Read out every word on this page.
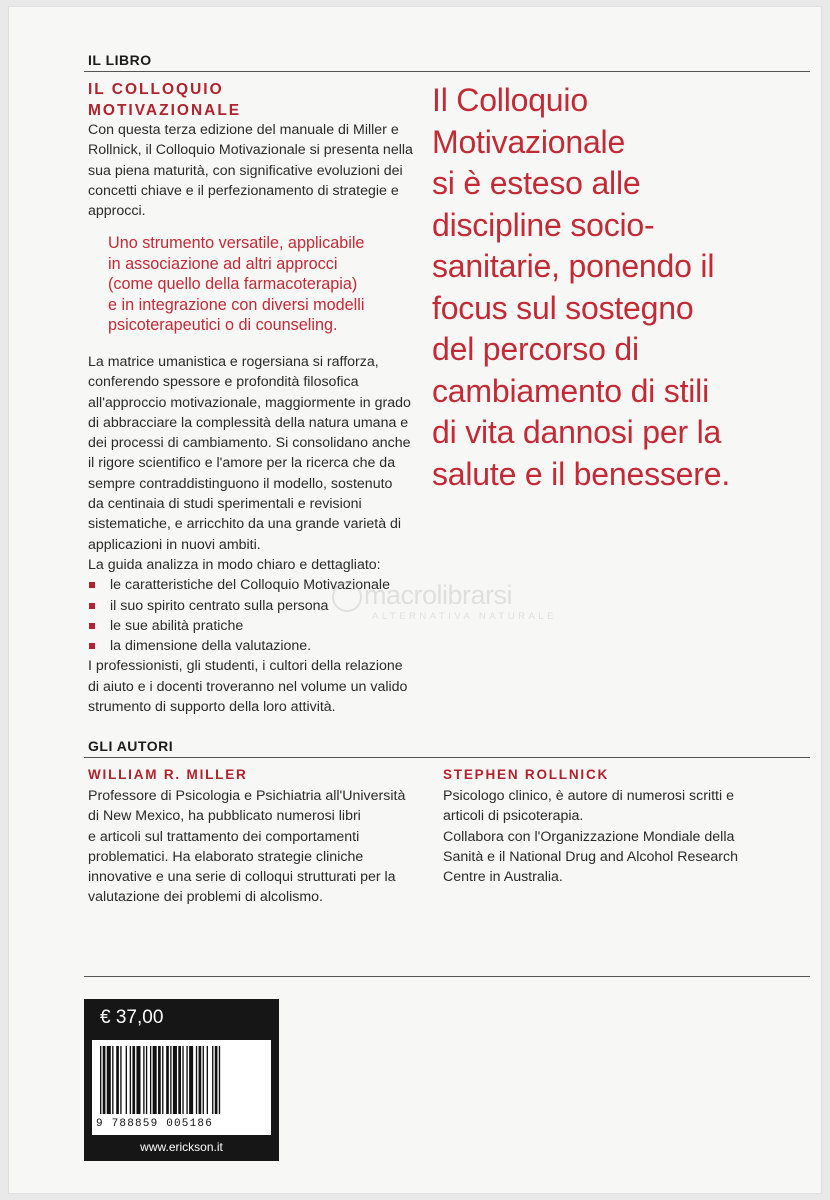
IL LIBRO
IL COLLOQUIO
MOTIVAZIONALE

Con questa terza edizione del manuale di Miller e

Rollnick, il Colloquio Motivazionale si presenta nella

sua piena maturità, con significative evoluzioni dei

concetti chiave e il perfezionamento di strategie e

approcci.

Uno strumento versatile, applicabile

in associazione ad altri approcci

(come quello della farmacoterapia)

e in integrazione con diversi modelli

psicoterapeutici o di counseling.

La matrice umanistica e rogersiana si rafforza,

conferendo spessore e profondità filosofica

all'approccio motivazionale, maggiormente in grado

di abbracciare la complessità della natura umana e

dei processi di cambiamento. Si consolidano anche

il rigore scientifico e l'amore per la ricerca che da

sempre contraddistinguono il modello, sostenuto

da centinaia di studi sperimentali e revisioni

sistematiche, e arricchito da una grande varietà di

applicazioni in nuovi ambiti.

La guida analizza in modo chiaro e dettagliato:

le caratteristiche del Colloquio Motivazionale
il suo spirito centrato sulla persona
le sue abilità pratiche
la dimensione della valutazione.

I professionisti, gli studenti, i cultori della relazione

di aiuto e i docenti troveranno nel volume un valido

strumento di supporto della loro attività.

Il Colloquio

Motivazionale

si è esteso alle

discipline socio-

sanitarie, ponendo il

focus sul sostegno

del percorso di

cambiamento di stili

di vita dannosi per la

salute e il benessere.

macrolibrarsi
ALTERNATIVA NATURALE
GLI AUTORI
WILLIAM R. MILLER

Professore di Psicologia e Psichiatria all'Università

di New Mexico, ha pubblicato numerosi libri

e articoli sul trattamento dei comportamenti

problematici. Ha elaborato strategie cliniche

innovative e una serie di colloqui strutturati per la

valutazione dei problemi di alcolismo.

STEPHEN ROLLNICK

Psicologo clinico, è autore di numerosi scritti e

articoli di psicoterapia.

Collabora con l'Organizzazione Mondiale della

Sanità e il National Drug and Alcohol Research

Centre in Australia.

€ 37,00
9 788859 005186
www.erickson.it
